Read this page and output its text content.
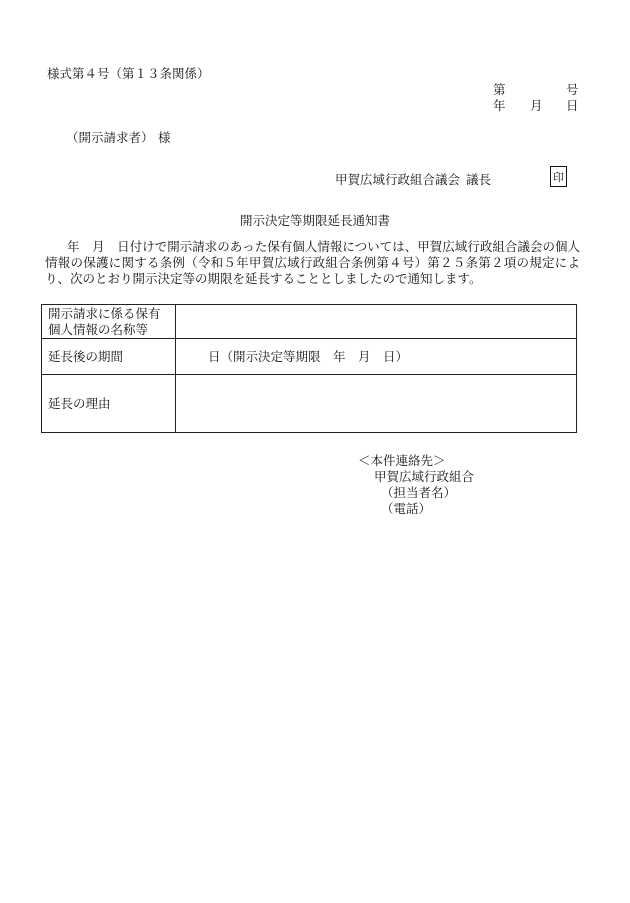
様式第４号（第１３条関係）
第	号
年 月 日
（開示請求者） 様
甲賀広域行政組合議会 議長	印
開示決定等期限延長通知書
年　月　日付けで開示請求のあった保有個人情報については、甲賀広域行政組合議会の個人情報の保護に関する条例（令和５年甲賀広域行政組合条例第４号）第２５条第２項の規定により、次のとおり開示決定等の期限を延長することとしましたので通知します。
開示請求に係る保有個人情報の名称等	
延長後の期間	日（開示決定等期限　年　月　日）
延長の理由	
＜本件連絡先＞
甲賀広域行政組合
（担当者名）
（電話）
